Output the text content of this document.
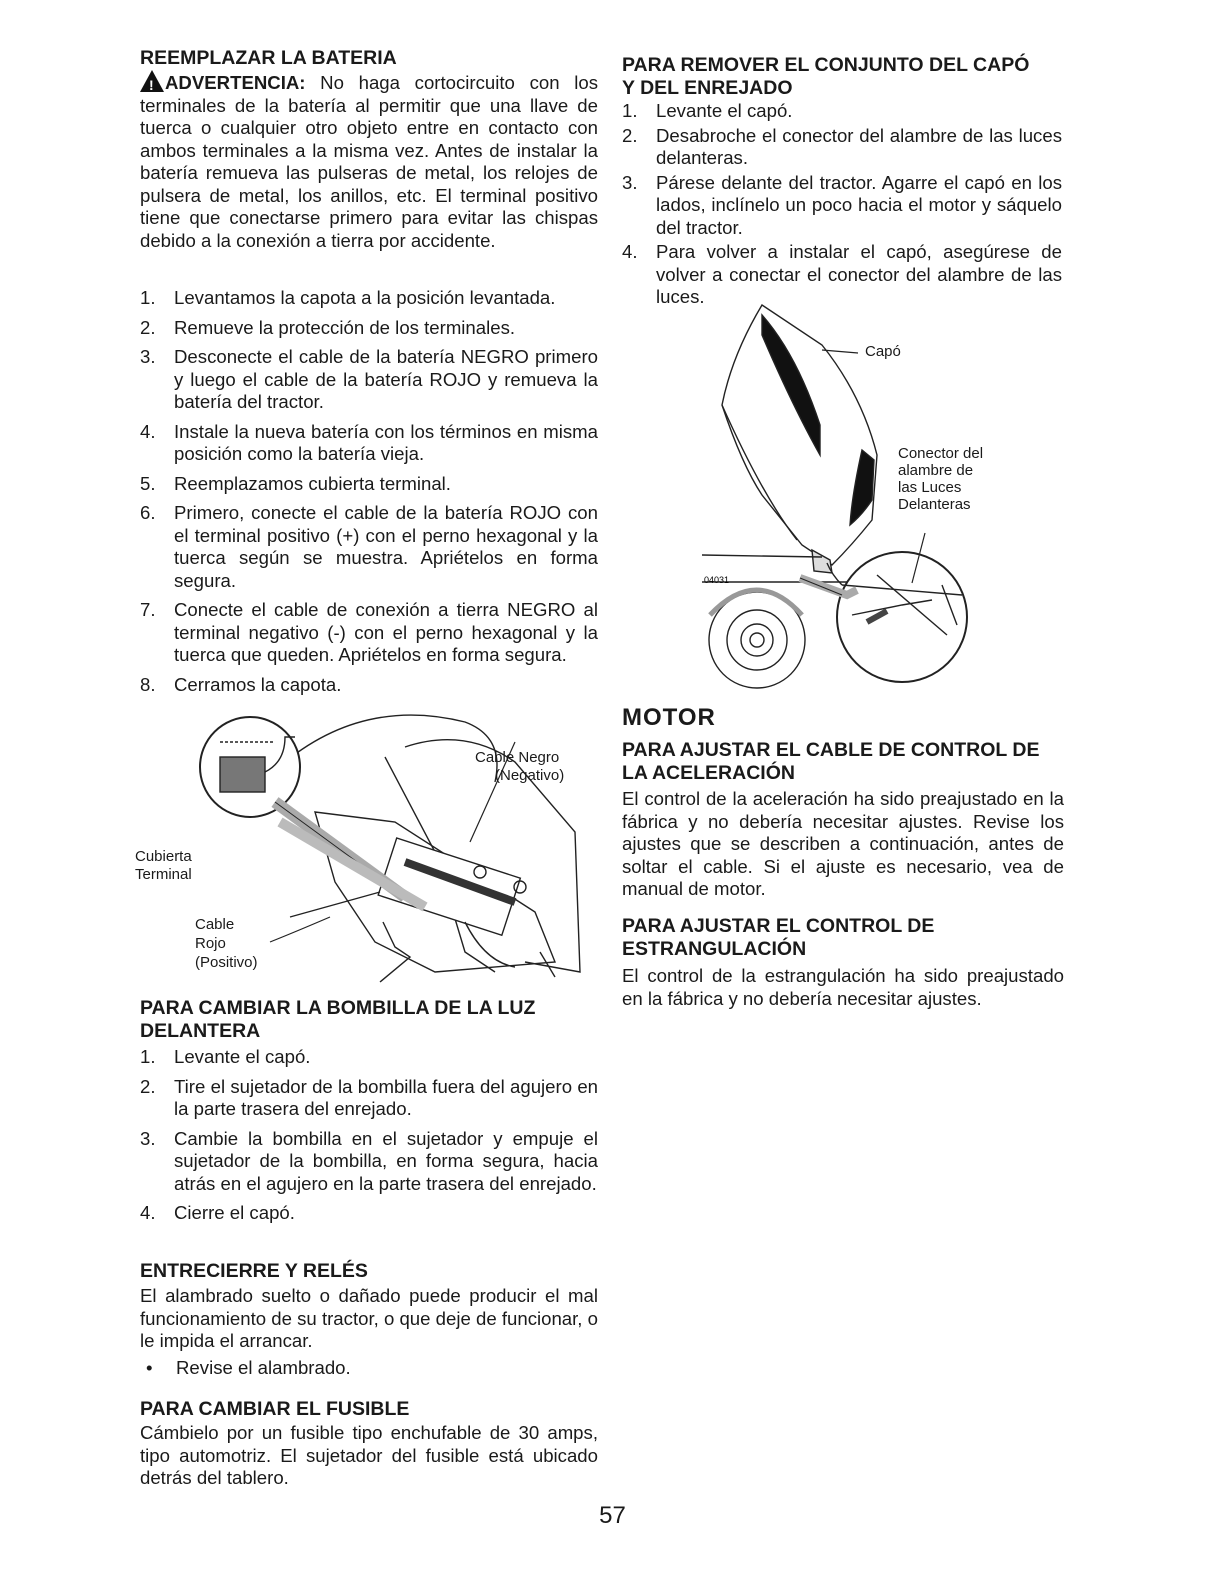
REEMPLAZAR LA BATERIA

!ADVERTENCIA: No haga cortocircuito con los terminales de la batería al permitir que una llave de tuerca o cualquier otro objeto entre en contacto con ambos terminales a la misma vez. Antes de instalar la batería remueva las pulseras de metal, los relojes de pulsera de metal, los anillos, etc. El terminal positivo tiene que conectarse primero para evitar las chispas debido a la conexión a tierra por accidente.

1. Levantamos la capota a la posición levantada.
2. Remueve la protección de los terminales.
3. Desconecte el cable de la batería NEGRO primero y luego el cable de la batería ROJO y remueva la batería del tractor.
4. Instale la nueva batería con los términos en misma posición como la batería vieja.
5. Reemplazamos cubierta terminal.
6. Primero, conecte el cable de la batería ROJO con el terminal positivo (+) con el perno hexagonal y la tuerca según se muestra. Apriételos en forma segura.
7. Conecte el cable de conexión a tierra NEGRO al terminal negativo (-) con el perno hexagonal y la tuerca que queden. Apriételos en forma segura.
8. Cerramos la capota.
Cable Negro
(Negativo)
Cubierta
Terminal
Cable
Rojo
(Positivo)
PARA CAMBIAR LA BOMBILLA DE LA LUZ
DELANTERA
1. Levante el capó.
2. Tire el sujetador de la bombilla fuera del agujero en la parte trasera del enrejado.
3. Cambie la bombilla en el sujetador y empuje el sujetador de la bombilla, en forma segura, hacia atrás en el agujero en la parte trasera del enrejado.
4. Cierre el capó.
ENTRECIERRE Y RELÉS

El alambrado suelto o dañado puede producir el mal funcionamiento de su tractor, o que deje de funcionar, o le impida el arrancar.

• Revise el alambrado.
PARA CAMBIAR EL FUSIBLE

Cámbielo por un fusible tipo enchufable de 30 amps, tipo automotriz. El sujetador del fusible está ubicado detrás del tablero.

PARA REMOVER EL CONJUNTO DEL CAPÓ
Y DEL ENREJADO
1. Levante el capó.
2. Desabroche el conector del alambre de las luces delanteras.
3. Párese delante del tractor. Agarre el capó en los lados, inclínelo un poco hacia el motor y sáquelo del tractor.
4. Para volver a instalar el capó, asegúrese de volver a conectar el conector del alambre de las luces.
04031
Capó
Conector del
alambre de
las Luces
Delanteras
MOTOR
PARA AJUSTAR EL CABLE DE CONTROL DE
LA ACELERACIÓN

El control de la aceleración ha sido preajustado en la fábrica y no debería necesitar ajustes. Revise los ajustes que se describen a continuación, antes de soltar el cable. Si el ajuste es necesario, vea de manual de motor.

PARA AJUSTAR EL CONTROL DE
ESTRANGULACIÓN

El control de la estrangulación ha sido preajustado en la fábrica y no debería necesitar ajustes.

57
